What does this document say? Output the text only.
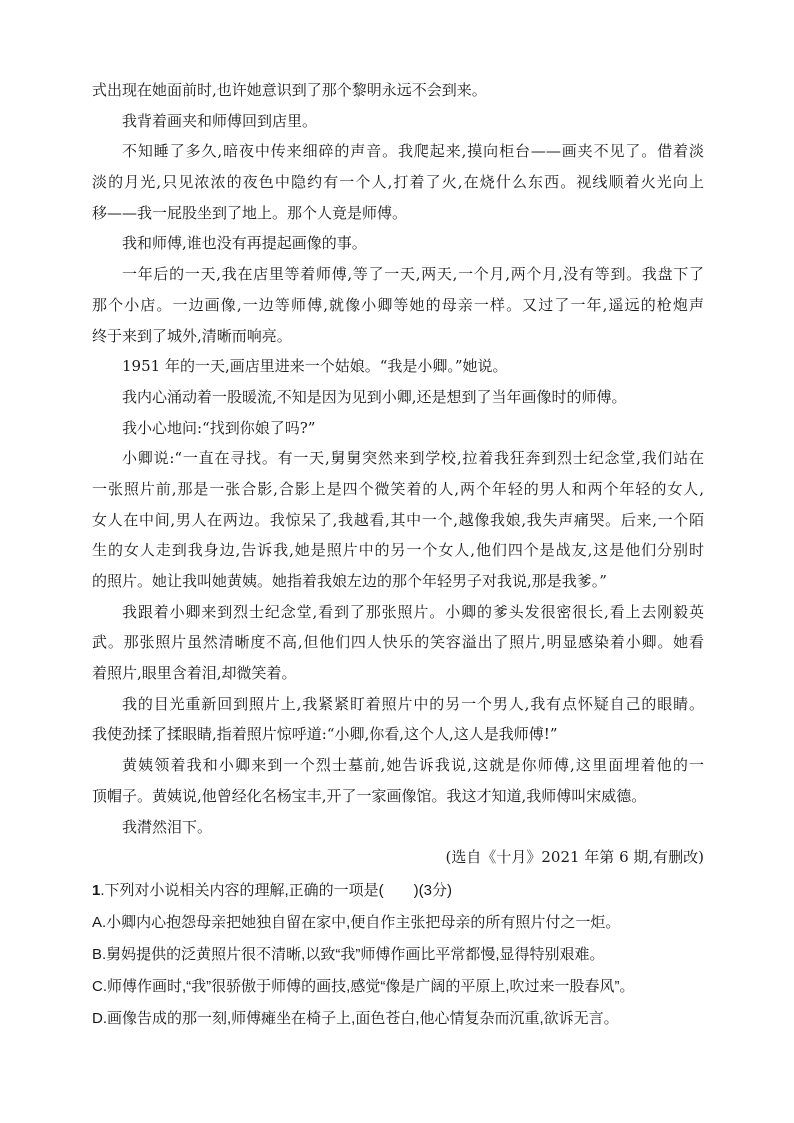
式出现在她面前时,也许她意识到了那个黎明永远不会到来。
我背着画夹和师傅回到店里。
不知睡了多久,暗夜中传来细碎的声音。我爬起来,摸向柜台——画夹不见了。借着淡
淡的月光,只见浓浓的夜色中隐约有一个人,打着了火,在烧什么东西。视线顺着火光向上
移——我一屁股坐到了地上。那个人竟是师傅。
我和师傅,谁也没有再提起画像的事。
一年后的一天,我在店里等着师傅,等了一天,两天,一个月,两个月,没有等到。我盘下了
那个小店。一边画像,一边等师傅,就像小卿等她的母亲一样。又过了一年,遥远的枪炮声
终于来到了城外,清晰而响亮。
1951 年的一天,画店里进来一个姑娘。“我是小卿。”她说。
我内心涌动着一股暖流,不知是因为见到小卿,还是想到了当年画像时的师傅。
我小心地问:“找到你娘了吗?”
小卿说:“一直在寻找。有一天,舅舅突然来到学校,拉着我狂奔到烈士纪念堂,我们站在
一张照片前,那是一张合影,合影上是四个微笑着的人,两个年轻的男人和两个年轻的女人,
女人在中间,男人在两边。我惊呆了,我越看,其中一个,越像我娘,我失声痛哭。后来,一个陌
生的女人走到我身边,告诉我,她是照片中的另一个女人,他们四个是战友,这是他们分别时
的照片。她让我叫她黄姨。她指着我娘左边的那个年轻男子对我说,那是我爹。”
我跟着小卿来到烈士纪念堂,看到了那张照片。小卿的爹头发很密很长,看上去刚毅英
武。那张照片虽然清晰度不高,但他们四人快乐的笑容溢出了照片,明显感染着小卿。她看
着照片,眼里含着泪,却微笑着。
我的目光重新回到照片上,我紧紧盯着照片中的另一个男人,我有点怀疑自己的眼睛。
我使劲揉了揉眼睛,指着照片惊呼道:“小卿,你看,这个人,这人是我师傅!”
黄姨领着我和小卿来到一个烈士墓前,她告诉我说,这就是你师傅,这里面埋着他的一
顶帽子。黄姨说,他曾经化名杨宝丰,开了一家画像馆。我这才知道,我师傅叫宋威德。
我潸然泪下。
(选自《十月》2021 年第 6 期,有删改)
1.下列对小说相关内容的理解,正确的一项是(　　)(3分)
A.小卿内心抱怨母亲把她独自留在家中,便自作主张把母亲的所有照片付之一炬。
B.舅妈提供的泛黄照片很不清晰,以致“我”师傅作画比平常都慢,显得特别艰难。
C.师傅作画时,“我”很骄傲于师傅的画技,感觉“像是广阔的平原上,吹过来一股春风”。
D.画像告成的那一刻,师傅瘫坐在椅子上,面色苍白,他心情复杂而沉重,欲诉无言。
